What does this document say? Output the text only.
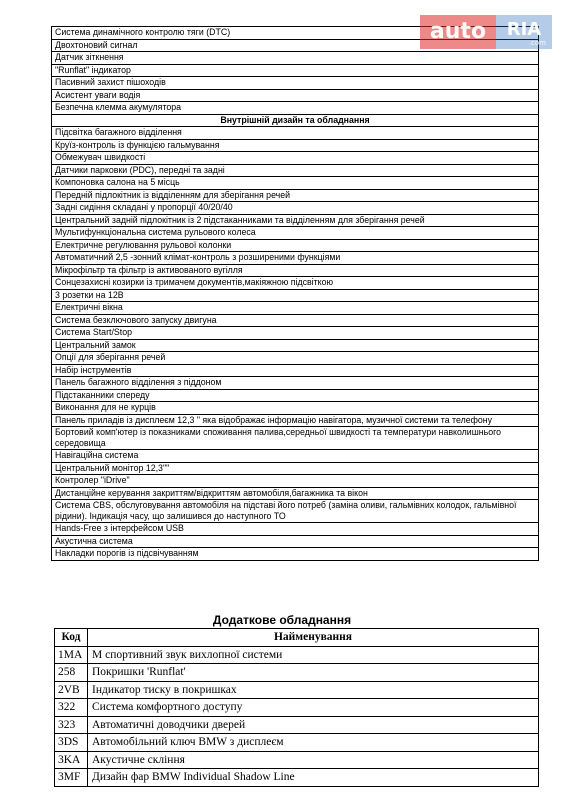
Система динамічного контролю тяги (DTC)
Двохтоновий сигнал
Датчик зіткнення
"Runflat" індикатор
Пасивний захист пішоходів
Асистент уваги водія
Безпечна клемма акумулятора
Внутрішній дизайн та обладнання
Підсвітка багажного відділення
Круїз-контроль із функцією гальмування
Обмежувач швидкості
Датчики парковки (PDC), передні та задні
Компоновка салона на 5 місць
Передній підлокітник із відділенням для зберігання речей
Задні сидіння складані у пропорції 40/20/40
Центральний задній підлокітник із 2 підстаканниками та відділенням для зберігання речей
Мультифункціональна система рульового колеса
Електричне регулювання рульової колонки
Автоматичний 2,5 -зонний клімат-контроль з розширеними функціями
Мікрофільтр та фільтр із активованого вугілля
Сонцезахисні козирки із тримачем документів,макіяжною підсвіткою
3 розетки на 12В
Електричні вікна
Система безключового запуску двигуна
Система Start/Stop
Центральний замок
Опції для зберігання речей
Набір інструментів
Панель багажного відділення з піддоном
Підстаканники спереду
Виконання для не курців
Панель приладів із дисплеєм 12,3 " яка відображає інформацію навігатора, музичної системи та телефону
Бортовий комп'ютер із показниками споживання палива,середньої швидкості та температури навколишнього середовища
Навігаційна система
Центральний монітор 12,3""
Контролер "iDrive"
Дистанційне керування закриттям/відкриттям автомобіля,багажника та вікон
Система CBS, обслуговування автомобіля на підставі його потреб (заміна оливи, гальмівних колодок, гальмівної рідини). Індикація часу, що залишився до наступного ТО
Hands-Free з інтерфейсом USB
Акустична система
Накладки порогів із підсвічуванням
Додаткове обладнання
Код	Найменування
1MA	М спортивний звук вихлопної системи
258	Покришки 'Runflat'
2VB	Індикатор тиску в покришках
322	Система комфортного доступу
323	Автоматичні доводчики дверей
3DS	Автомобільний ключ BMW з дисплеєм
3KA	Акустичне скління
3MF	Дизайн фар BMW Individual Shadow Line
auto	RIA
.com
